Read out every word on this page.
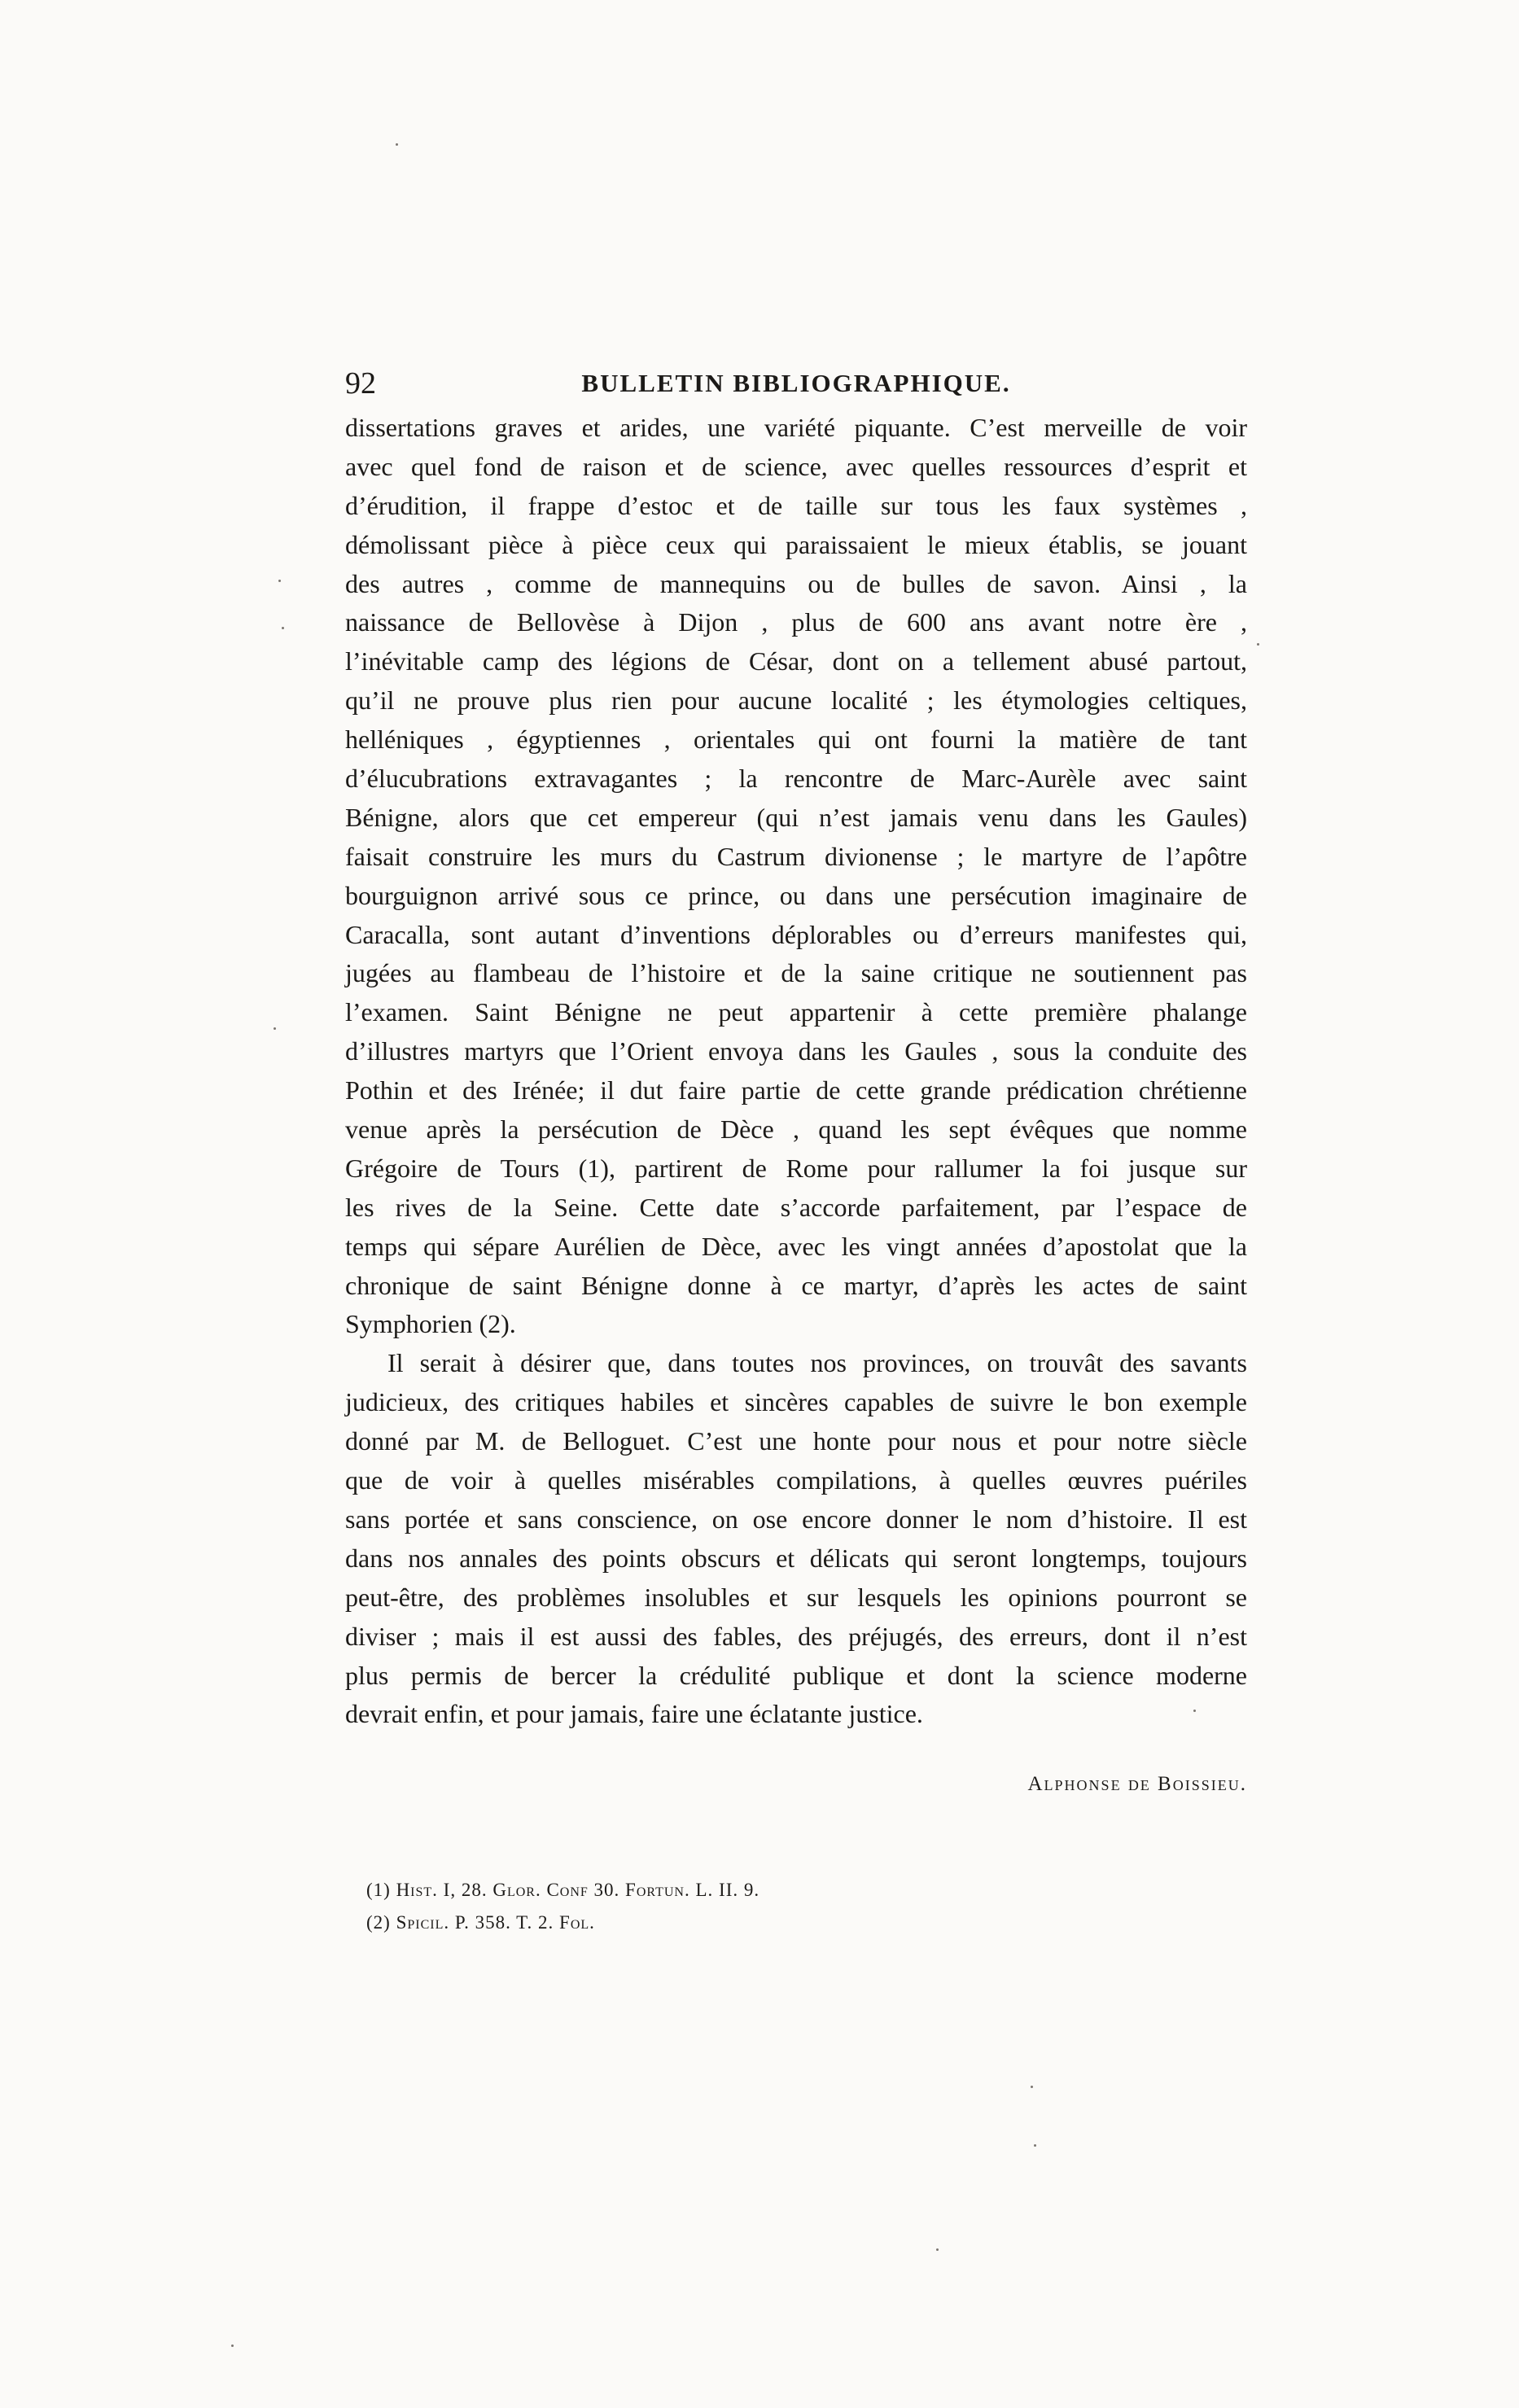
92	BULLETIN BIBLIOGRAPHIQUE.
dissertations graves et arides, une variété piquante. C’est merveille de voir
avec quel fond de raison et de science, avec quelles ressources d’esprit et
d’érudition, il frappe d’estoc et de taille sur tous les faux systèmes ,
démolissant pièce à pièce ceux qui paraissaient le mieux établis, se jouant
des autres , comme de mannequins ou de bulles de savon. Ainsi , la
naissance de Bellovèse à Dijon , plus de 600 ans avant notre ère ,
l’inévitable camp des légions de César, dont on a tellement abusé partout,
qu’il ne prouve plus rien pour aucune localité ; les étymologies celtiques,
helléniques , égyptiennes , orientales qui ont fourni la matière de tant
d’élucubrations extravagantes ; la rencontre de Marc-Aurèle avec saint
Bénigne, alors que cet empereur (qui n’est jamais venu dans les Gaules)
faisait construire les murs du Castrum divionense ; le martyre de l’apôtre
bourguignon arrivé sous ce prince, ou dans une persécution imaginaire de
Caracalla, sont autant d’inventions déplorables ou d’erreurs manifestes qui,
jugées au flambeau de l’histoire et de la saine critique ne soutiennent pas
l’examen. Saint Bénigne ne peut appartenir à cette première phalange
d’illustres martyrs que l’Orient envoya dans les Gaules , sous la conduite des
Pothin et des Irénée; il dut faire partie de cette grande prédication chrétienne
venue après la persécution de Dèce , quand les sept évêques que nomme
Grégoire de Tours (1), partirent de Rome pour rallumer la foi jusque sur
les rives de la Seine. Cette date s’accorde parfaitement, par l’espace de
temps qui sépare Aurélien de Dèce, avec les vingt années d’apostolat que la
chronique de saint Bénigne donne à ce martyr, d’après les actes de saint
Symphorien (2).
Il serait à désirer que, dans toutes nos provinces, on trouvât des savants
judicieux, des critiques habiles et sincères capables de suivre le bon exemple
donné par M. de Belloguet. C’est une honte pour nous et pour notre siècle
que de voir à quelles misérables compilations, à quelles œuvres puériles
sans portée et sans conscience, on ose encore donner le nom d’histoire. Il est
dans nos annales des points obscurs et délicats qui seront longtemps, toujours
peut-être, des problèmes insolubles et sur lesquels les opinions pourront se
diviser ; mais il est aussi des fables, des préjugés, des erreurs, dont il n’est
plus permis de bercer la crédulité publique et dont la science moderne
devrait enfin, et pour jamais, faire une éclatante justice.
Alphonse de Boissieu.
(1) Hist. I, 28. Glor. Conf 30. Fortun. L. II. 9.
(2) Spicil. P. 358. T. 2. Fol.
